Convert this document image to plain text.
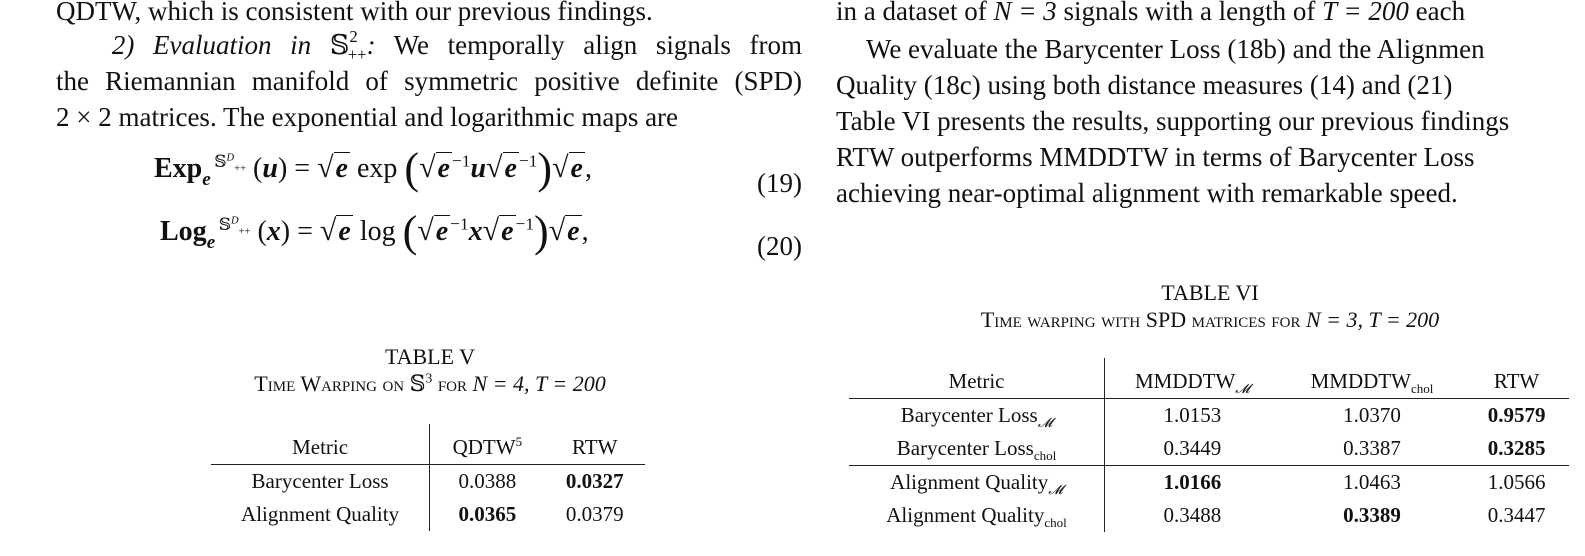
QDTW, which is consistent with our previous findings.
2) Evaluation in 𝕊$^2_{++}$: We temporally align signals from
the Riemannian manifold of symmetric positive definite (SPD)
2 × 2 matrices. The exponential and logarithmic maps are
Exp 𝕊$^D_{++}$
e	(u) = √e exp (√e $^{-1}$u√e $^{-1}$)√e,	(19)
Log 𝕊$^D_{++}$
e	(x) = √e log (√e $^{-1}$x√e $^{-1}$)√e,	(20)
TABLE V
Time Warping on 𝕊$^3$ for N = 4, T = 200
Metric	QDTW$^5$	RTW
Barycenter Loss	0.0388	0.0327
Alignment Quality	0.0365	0.0379
in a dataset of N = 3 signals with a length of T = 200 each
We evaluate the Barycenter Loss (18b) and the Alignmen
Quality (18c) using both distance measures (14) and (21)
Table VI presents the results, supporting our previous findings
RTW outperforms MMDDTW in terms of Barycenter Loss
achieving near-optimal alignment with remarkable speed.
TABLE VI
Time warping with SPD matrices for N = 3, T = 200
Metric	$MMDDTW_𝓜$	$MMDDTW_{chol}$	RTW
Barycenter Loss$_𝓜$	1.0153	1.0370	0.9579
Barycenter Loss$_{chol}$	0.3449	0.3387	0.3285
Alignment Quality$_𝓜$	1.0166	1.0463	1.0566
Alignment Quality$_{chol}$	0.3488	0.3389	0.3447
